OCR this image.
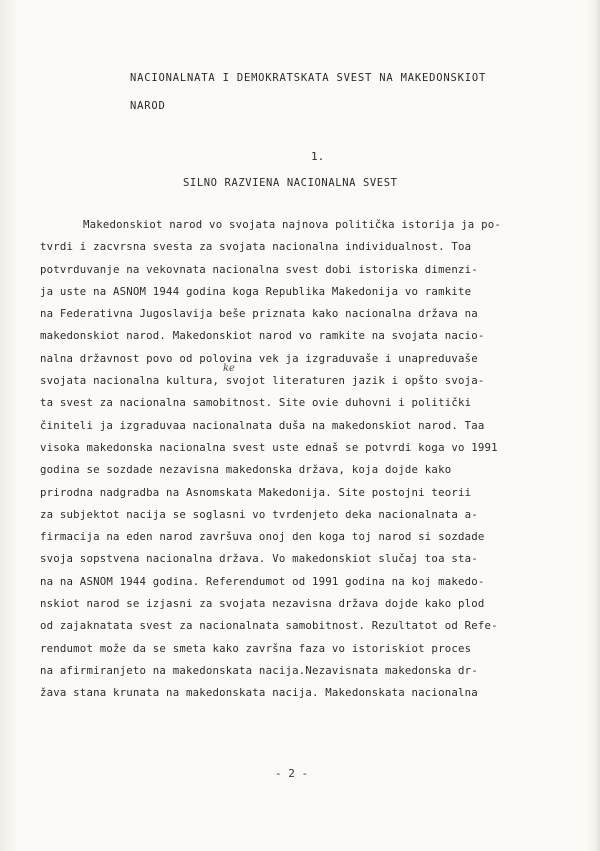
NACIONALNATA I DEMOKRATSKATA SVEST NA MAKEDONSKIOT
NAROD

1.

SILNO RAZVIENA NACIONALNA SVEST

ke
Makedonskiot narod vo svojata najnova politička istorija ja po-
tvrdi i zacvrsna svesta za svojata nacionalna individualnost. Toa
potvrduvanje na vekovnata nacionalna svest dobi istoriska dimenzi-
ja uste na ASNOM 1944 godina koga Republika Makedonija vo ramkite
na Federativna Jugoslavija beše priznata kako nacionalna država na
makedonskiot narod. Makedonskiot narod vo ramkite na svojata nacio-
nalna državnost povo od polovina vek ja izgraduvaše i unapreduvaše
svojata nacionalna kultura, svojot literaturen jazik i opšto svoja-
ta svest za nacionalna samobitnost. Site ovie duhovni i politički
činiteli ja izgraduvaa nacionalnata duša na makedonskiot narod. Taa
visoka makedonska nacionalna svest uste ednaš se potvrdi koga vo 1991
godina se sozdade nezavisna makedonska država, koja dojde kako
prirodna nadgradba na Asnomskata Makedonija. Site postojni teorii
za subjektot nacija se soglasni vo tvrdenjeto deka nacionalnata a-
firmacija na eden narod završuva onoj den koga toj narod si sozdade
svoja sopstvena nacionalna država. Vo makedonskiot slučaj toa sta-
na na ASNOM 1944 godina. Referendumot od 1991 godina na koj makedo-
nskiot narod se izjasni za svojata nezavisna država dojde kako plod
od zajaknatata svest za nacionalnata samobitnost. Rezultatot od Refe-
rendumot može da se smeta kako završna faza vo istoriskiot proces
na afirmiranjeto na makedonskata nacija.Nezavisnata makedonska dr-
žava stana krunata na makedonskata nacija. Makedonskata nacionalna

- 2 -
